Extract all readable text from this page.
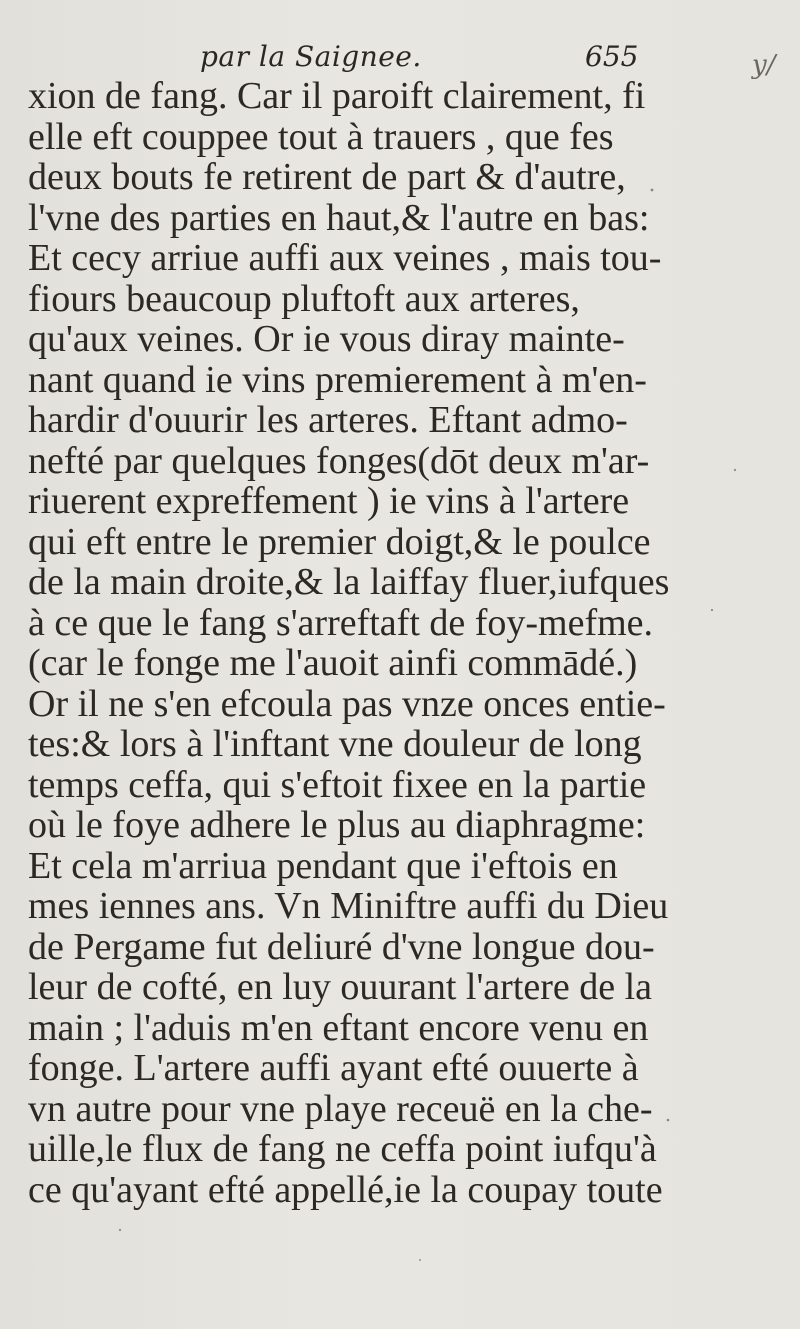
par la Saignee.	655	y/
xion de fang. Car il paroift clairement, fi
elle eft couppee tout à trauers , que fes
deux bouts fe retirent de part & d'autre,
l'vne des parties en haut,& l'autre en bas:
Et cecy arriue auffi aux veines , mais tou-
fiours beaucoup pluftoft aux arteres,
qu'aux veines. Or ie vous diray mainte-
nant quand ie vins premierement à m'en-
hardir d'ouurir les arteres. Eftant admo-
nefté par quelques fonges(dōt deux m'ar-
riuerent expreffement ) ie vins à l'artere
qui eft entre le premier doigt,& le poulce
de la main droite,& la laiffay fluer,iufques
à ce que le fang s'arreftaft de foy-mefme.
(car le fonge me l'auoit ainfi commādé.)
Or il ne s'en efcoula pas vnze onces entie-
tes:& lors à l'inftant vne douleur de long
temps ceffa, qui s'eftoit fixee en la partie
où le foye adhere le plus au diaphragme:
Et cela m'arriua pendant que i'eftois en
mes iennes ans. Vn Miniftre auffi du Dieu
de Pergame fut deliuré d'vne longue dou-
leur de cofté, en luy ouurant l'artere de la
main ; l'aduis m'en eftant encore venu en
fonge. L'artere auffi ayant efté ouuerte à
vn autre pour vne playe receuë en la che-
uille,le flux de fang ne ceffa point iufqu'à
ce qu'ayant efté appellé,ie la coupay toute
